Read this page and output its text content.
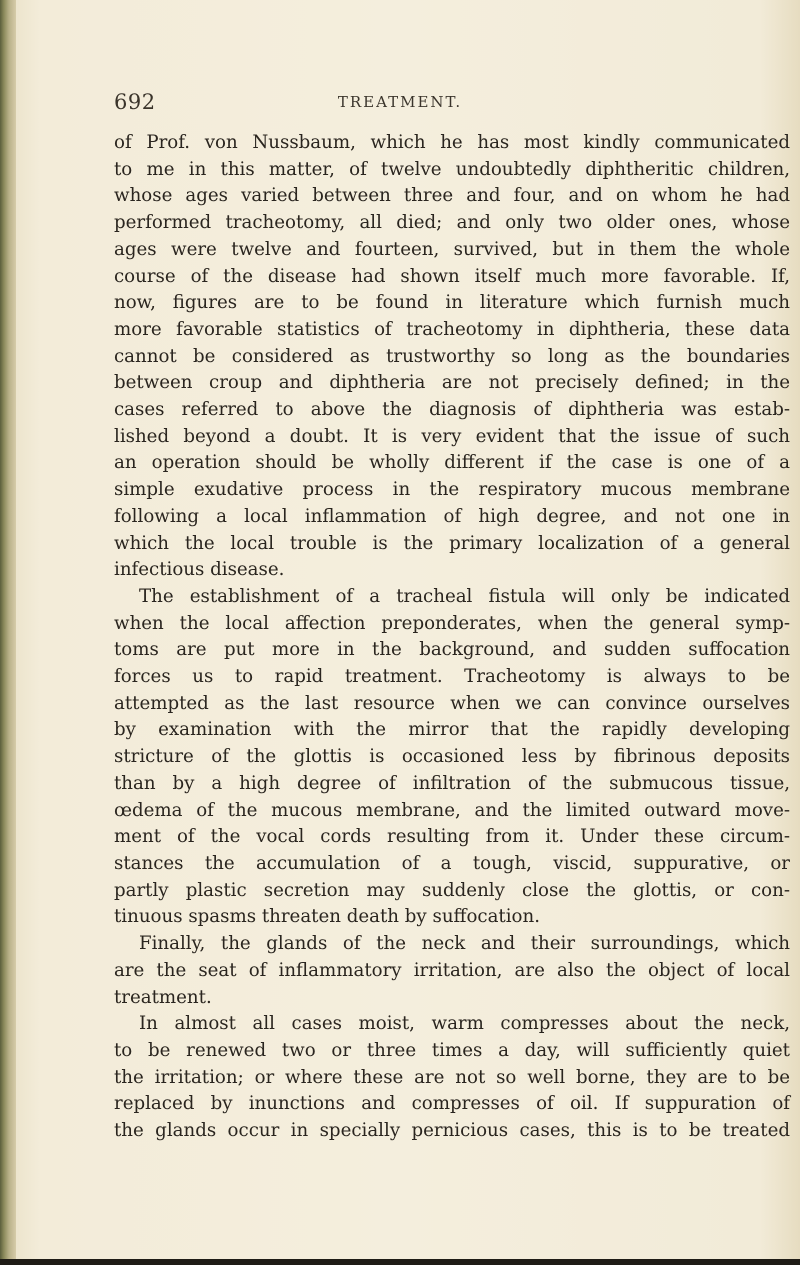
692	TREATMENT.
of Prof. von Nussbaum, which he has most kindly communicated
to me in this matter, of twelve undoubtedly diphtheritic children,
whose ages varied between three and four, and on whom he had
performed tracheotomy, all died; and only two older ones, whose
ages were twelve and fourteen, survived, but in them the whole
course of the disease had shown itself much more favorable. If,
now, figures are to be found in literature which furnish much
more favorable statistics of tracheotomy in diphtheria, these data
cannot be considered as trustworthy so long as the boundaries
between croup and diphtheria are not precisely defined; in the
cases referred to above the diagnosis of diphtheria was estab-
lished beyond a doubt. It is very evident that the issue of such
an operation should be wholly different if the case is one of a
simple exudative process in the respiratory mucous membrane
following a local inflammation of high degree, and not one in
which the local trouble is the primary localization of a general
infectious disease.
The establishment of a tracheal fistula will only be indicated
when the local affection preponderates, when the general symp-
toms are put more in the background, and sudden suffocation
forces us to rapid treatment. Tracheotomy is always to be
attempted as the last resource when we can convince ourselves
by examination with the mirror that the rapidly developing
stricture of the glottis is occasioned less by fibrinous deposits
than by a high degree of infiltration of the submucous tissue,
œdema of the mucous membrane, and the limited outward move-
ment of the vocal cords resulting from it. Under these circum-
stances the accumulation of a tough, viscid, suppurative, or
partly plastic secretion may suddenly close the glottis, or con-
tinuous spasms threaten death by suffocation.
Finally, the glands of the neck and their surroundings, which
are the seat of inflammatory irritation, are also the object of local
treatment.
In almost all cases moist, warm compresses about the neck,
to be renewed two or three times a day, will sufficiently quiet
the irritation; or where these are not so well borne, they are to be
replaced by inunctions and compresses of oil. If suppuration of
the glands occur in specially pernicious cases, this is to be treated
